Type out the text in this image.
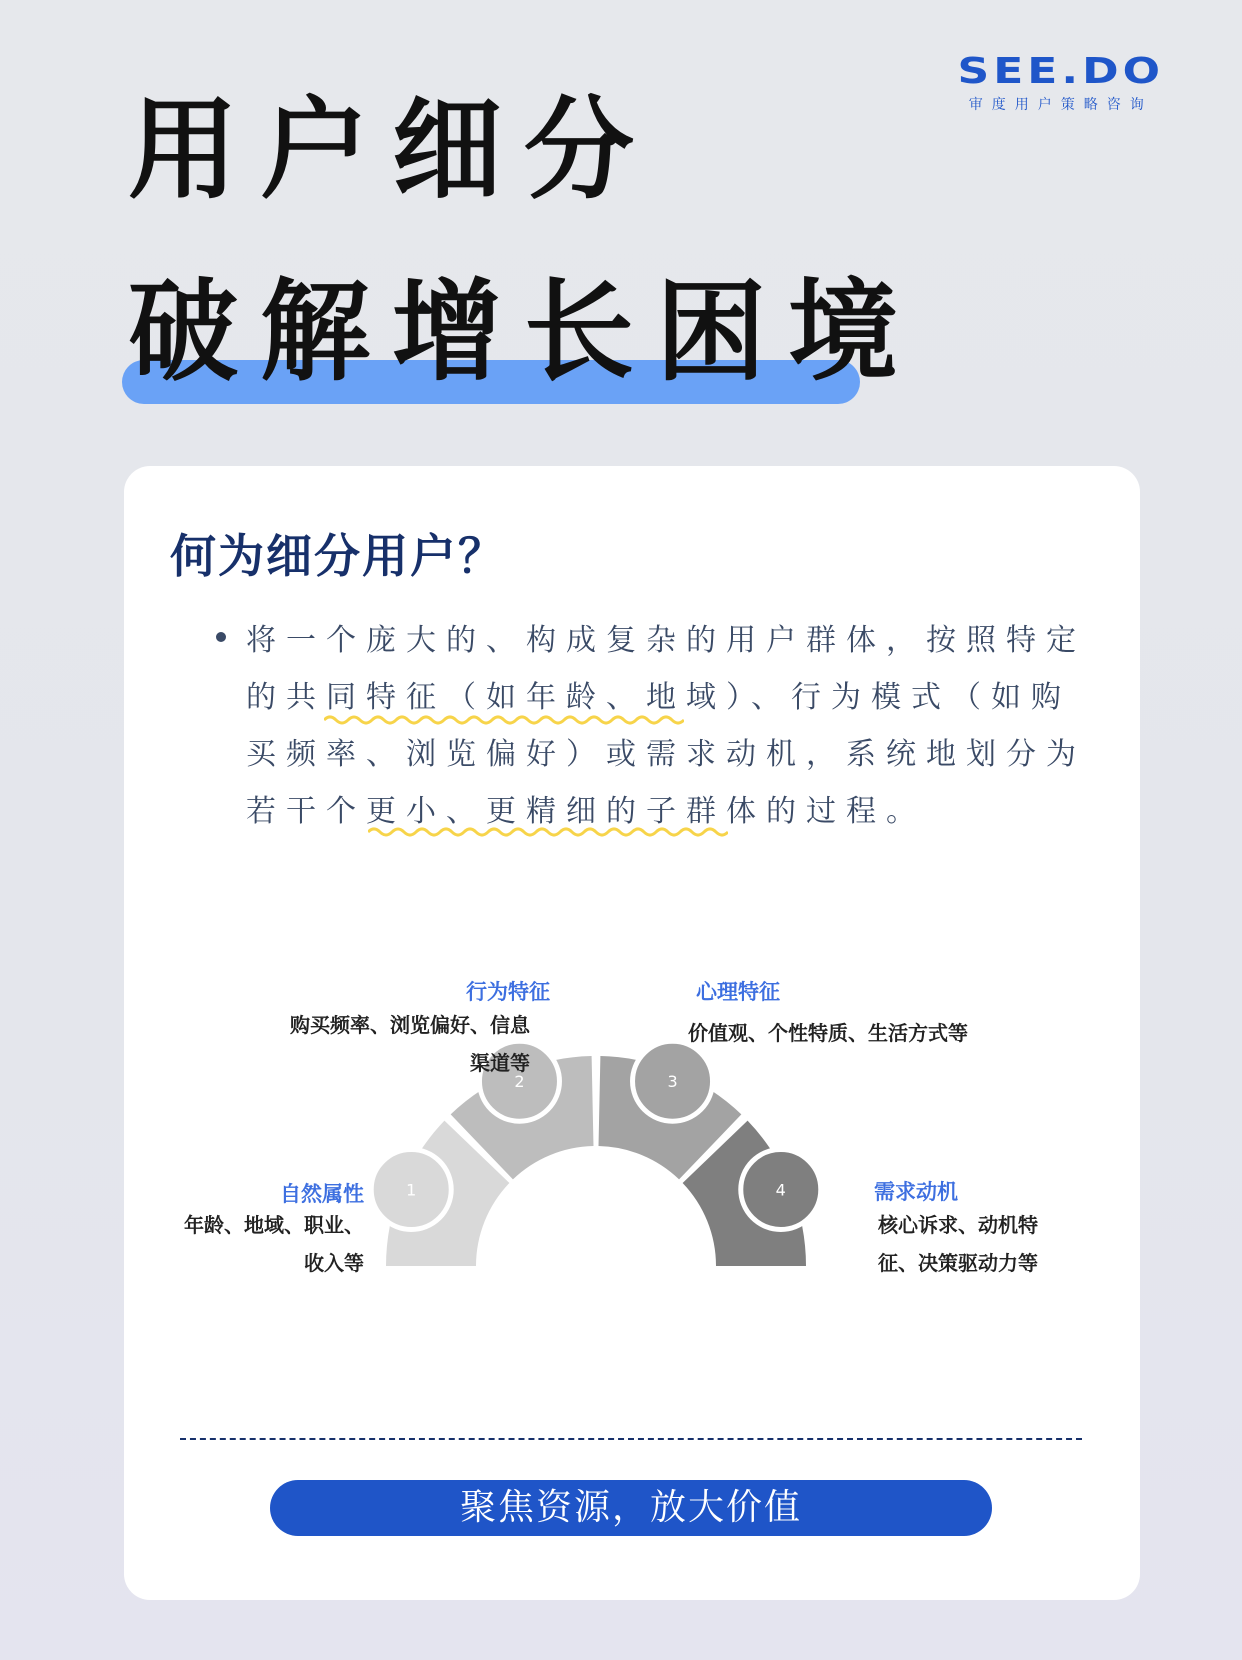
SEE.DO
审度用户策略咨询
用户细分
破解增长困境
何为细分用户？
将一个庞大的、构成复杂的用户群体，按照特定的共同特征（如年龄、地域）、行为模式（如购买频率、浏览偏好）或需求动机，系统地划分为若干个更小、更精细的子群体的过程。
1
2	3
4
行为特征
购买频率、浏览偏好、信息
渠道等
心理特征
价值观、个性特质、生活方式等
自然属性
年龄、地域、职业、
收入等
需求动机
核心诉求、动机特
征、决策驱动力等
聚焦资源，放大价值
